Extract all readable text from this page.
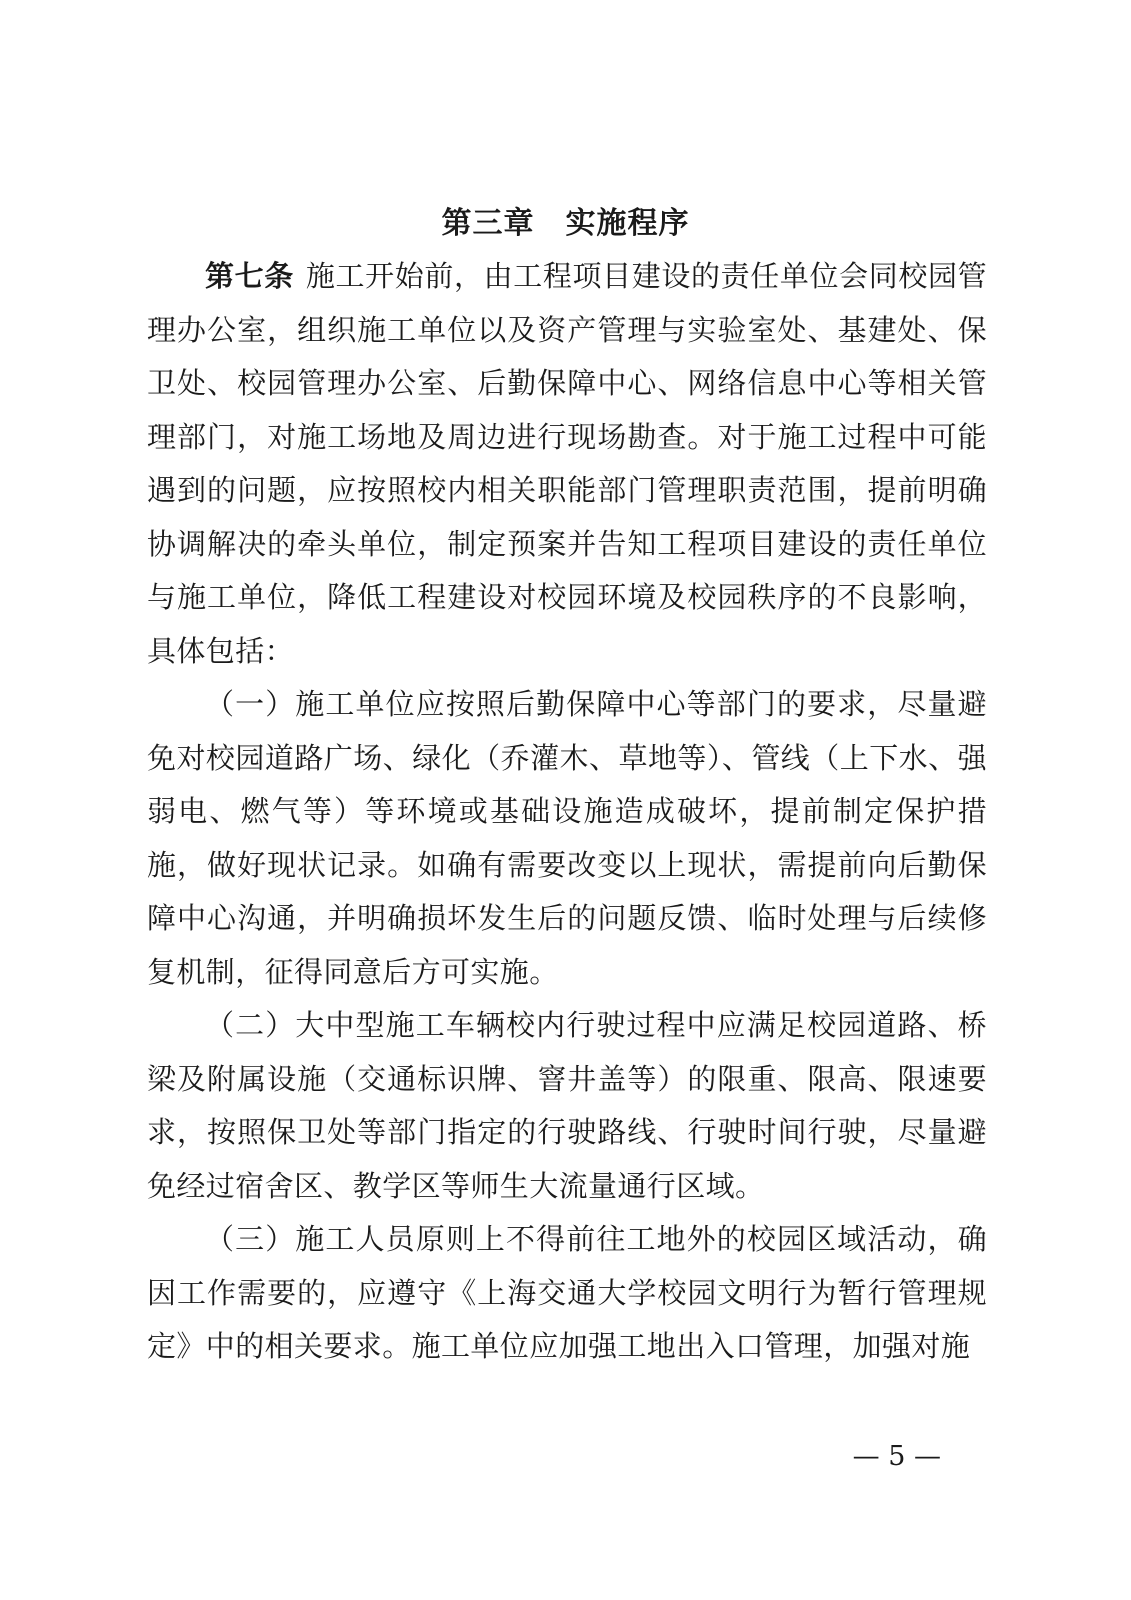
第三章　实施程序

第七条 施工开始前，由工程项目建设的责任单位会同校园管理办公室，组织施工单位以及资产管理与实验室处、基建处、保卫处、校园管理办公室、后勤保障中心、网络信息中心等相关管理部门，对施工场地及周边进行现场勘查。对于施工过程中可能遇到的问题，应按照校内相关职能部门管理职责范围，提前明确协调解决的牵头单位，制定预案并告知工程项目建设的责任单位与施工单位，降低工程建设对校园环境及校园秩序的不良影响，具体包括：

（一）施工单位应按照后勤保障中心等部门的要求，尽量避免对校园道路广场、绿化（乔灌木、草地等）、管线（上下水、强弱电、燃气等）等环境或基础设施造成破坏，提前制定保护措施，做好现状记录。如确有需要改变以上现状，需提前向后勤保障中心沟通，并明确损坏发生后的问题反馈、临时处理与后续修复机制，征得同意后方可实施。

（二）大中型施工车辆校内行驶过程中应满足校园道路、桥梁及附属设施（交通标识牌、窨井盖等）的限重、限高、限速要求，按照保卫处等部门指定的行驶路线、行驶时间行驶，尽量避免经过宿舍区、教学区等师生大流量通行区域。

（三）施工人员原则上不得前往工地外的校园区域活动，确因工作需要的，应遵守《上海交通大学校园文明行为暂行管理规定》中的相关要求。施工单位应加强工地出入口管理，加强对施

— 5 —
